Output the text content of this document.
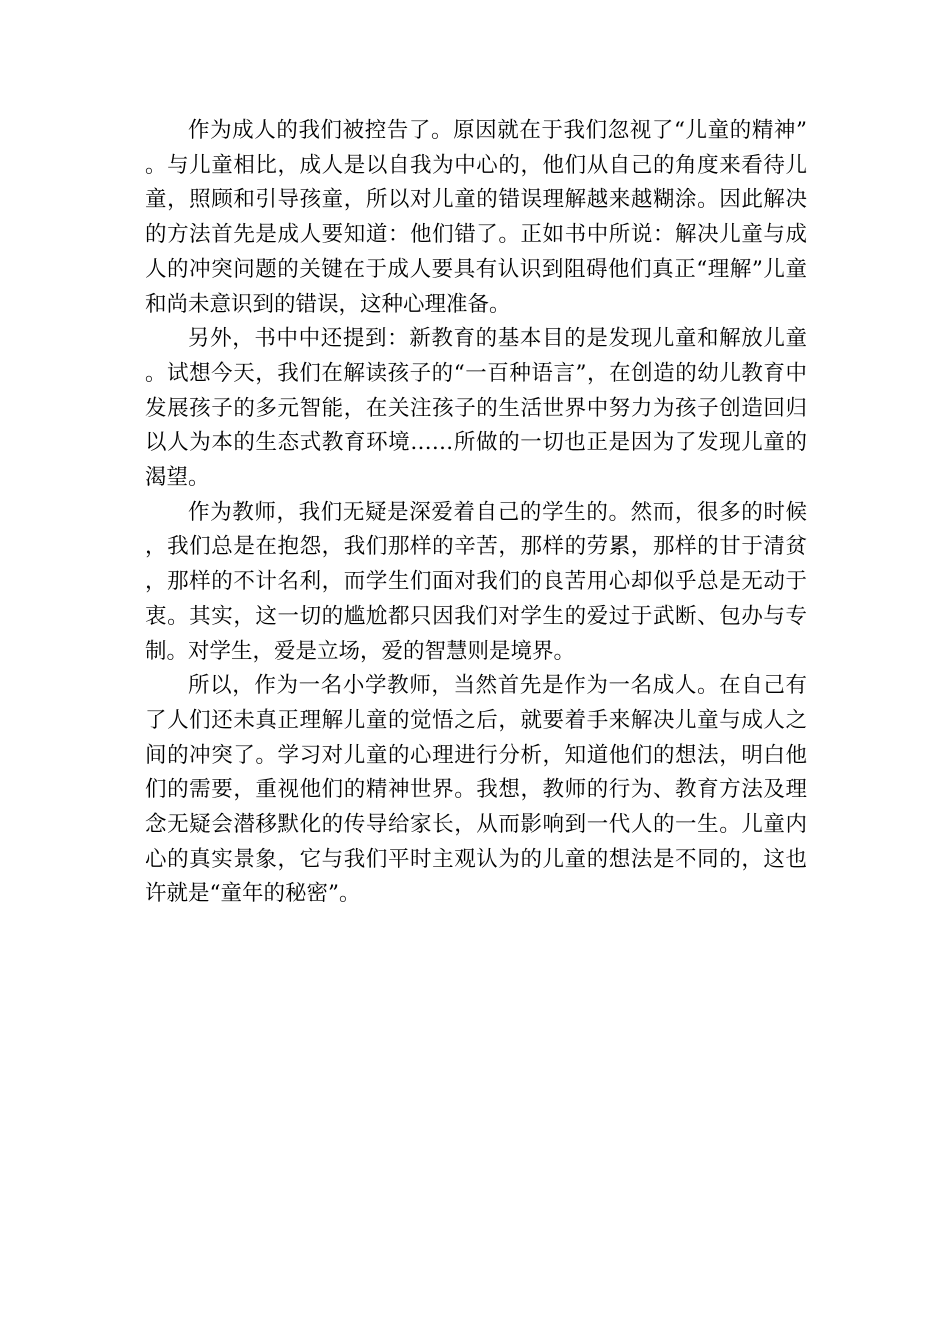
作为成人的我们被控告了。原因就在于我们忽视了“儿童的精神”。与儿童相比，成人是以自我为中心的，他们从自己的角度来看待儿童，照顾和引导孩童，所以对儿童的错误理解越来越糊涂。因此解决的方法首先是成人要知道：他们错了。正如书中所说：解决儿童与成人的冲突问题的关键在于成人要具有认识到阻碍他们真正“理解”儿童和尚未意识到的错误，这种心理准备。

另外，书中中还提到：新教育的基本目的是发现儿童和解放儿童。试想今天，我们在解读孩子的“一百种语言”，在创造的幼儿教育中发展孩子的多元智能，在关注孩子的生活世界中努力为孩子创造回归以人为本的生态式教育环境……所做的一切也正是因为了发现儿童的渴望。

作为教师，我们无疑是深爱着自己的学生的。然而，很多的时候，我们总是在抱怨，我们那样的辛苦，那样的劳累，那样的甘于清贫，那样的不计名利，而学生们面对我们的良苦用心却似乎总是无动于衷。其实，这一切的尴尬都只因我们对学生的爱过于武断、包办与专制。对学生，爱是立场，爱的智慧则是境界。

所以，作为一名小学教师，当然首先是作为一名成人。在自己有了人们还未真正理解儿童的觉悟之后，就要着手来解决儿童与成人之间的冲突了。学习对儿童的心理进行分析，知道他们的想法，明白他们的需要，重视他们的精神世界。我想，教师的行为、教育方法及理念无疑会潜移默化的传导给家长，从而影响到一代人的一生。儿童内心的真实景象，它与我们平时主观认为的儿童的想法是不同的，这也许就是“童年的秘密”。
